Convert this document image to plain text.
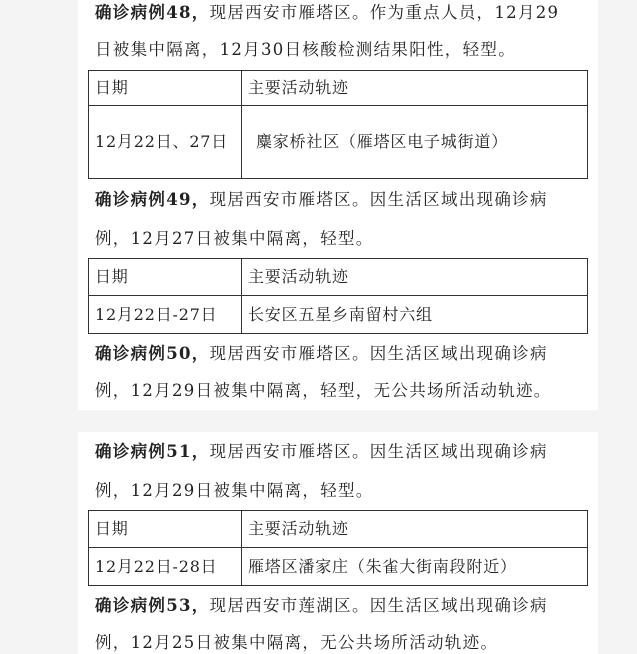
确诊病例48，现居西安市雁塔区。作为重点人员，12月29
日被集中隔离，12月30日核酸检测结果阳性，轻型。
日期	主要活动轨迹
12月22日、27日	麋家桥社区（雁塔区电子城街道）
确诊病例49，现居西安市雁塔区。因生活区域出现确诊病
例，12月27日被集中隔离，轻型。
日期	主要活动轨迹
12月22日-27日	长安区五星乡南留村六组
确诊病例50，现居西安市雁塔区。因生活区域出现确诊病
例，12月29日被集中隔离，轻型，无公共场所活动轨迹。
确诊病例51，现居西安市雁塔区。因生活区域出现确诊病
例，12月29日被集中隔离，轻型。
日期	主要活动轨迹
12月22日-28日	雁塔区潘家庄（朱雀大街南段附近）
确诊病例53，现居西安市莲湖区。因生活区域出现确诊病
例，12月25日被集中隔离，无公共场所活动轨迹。
